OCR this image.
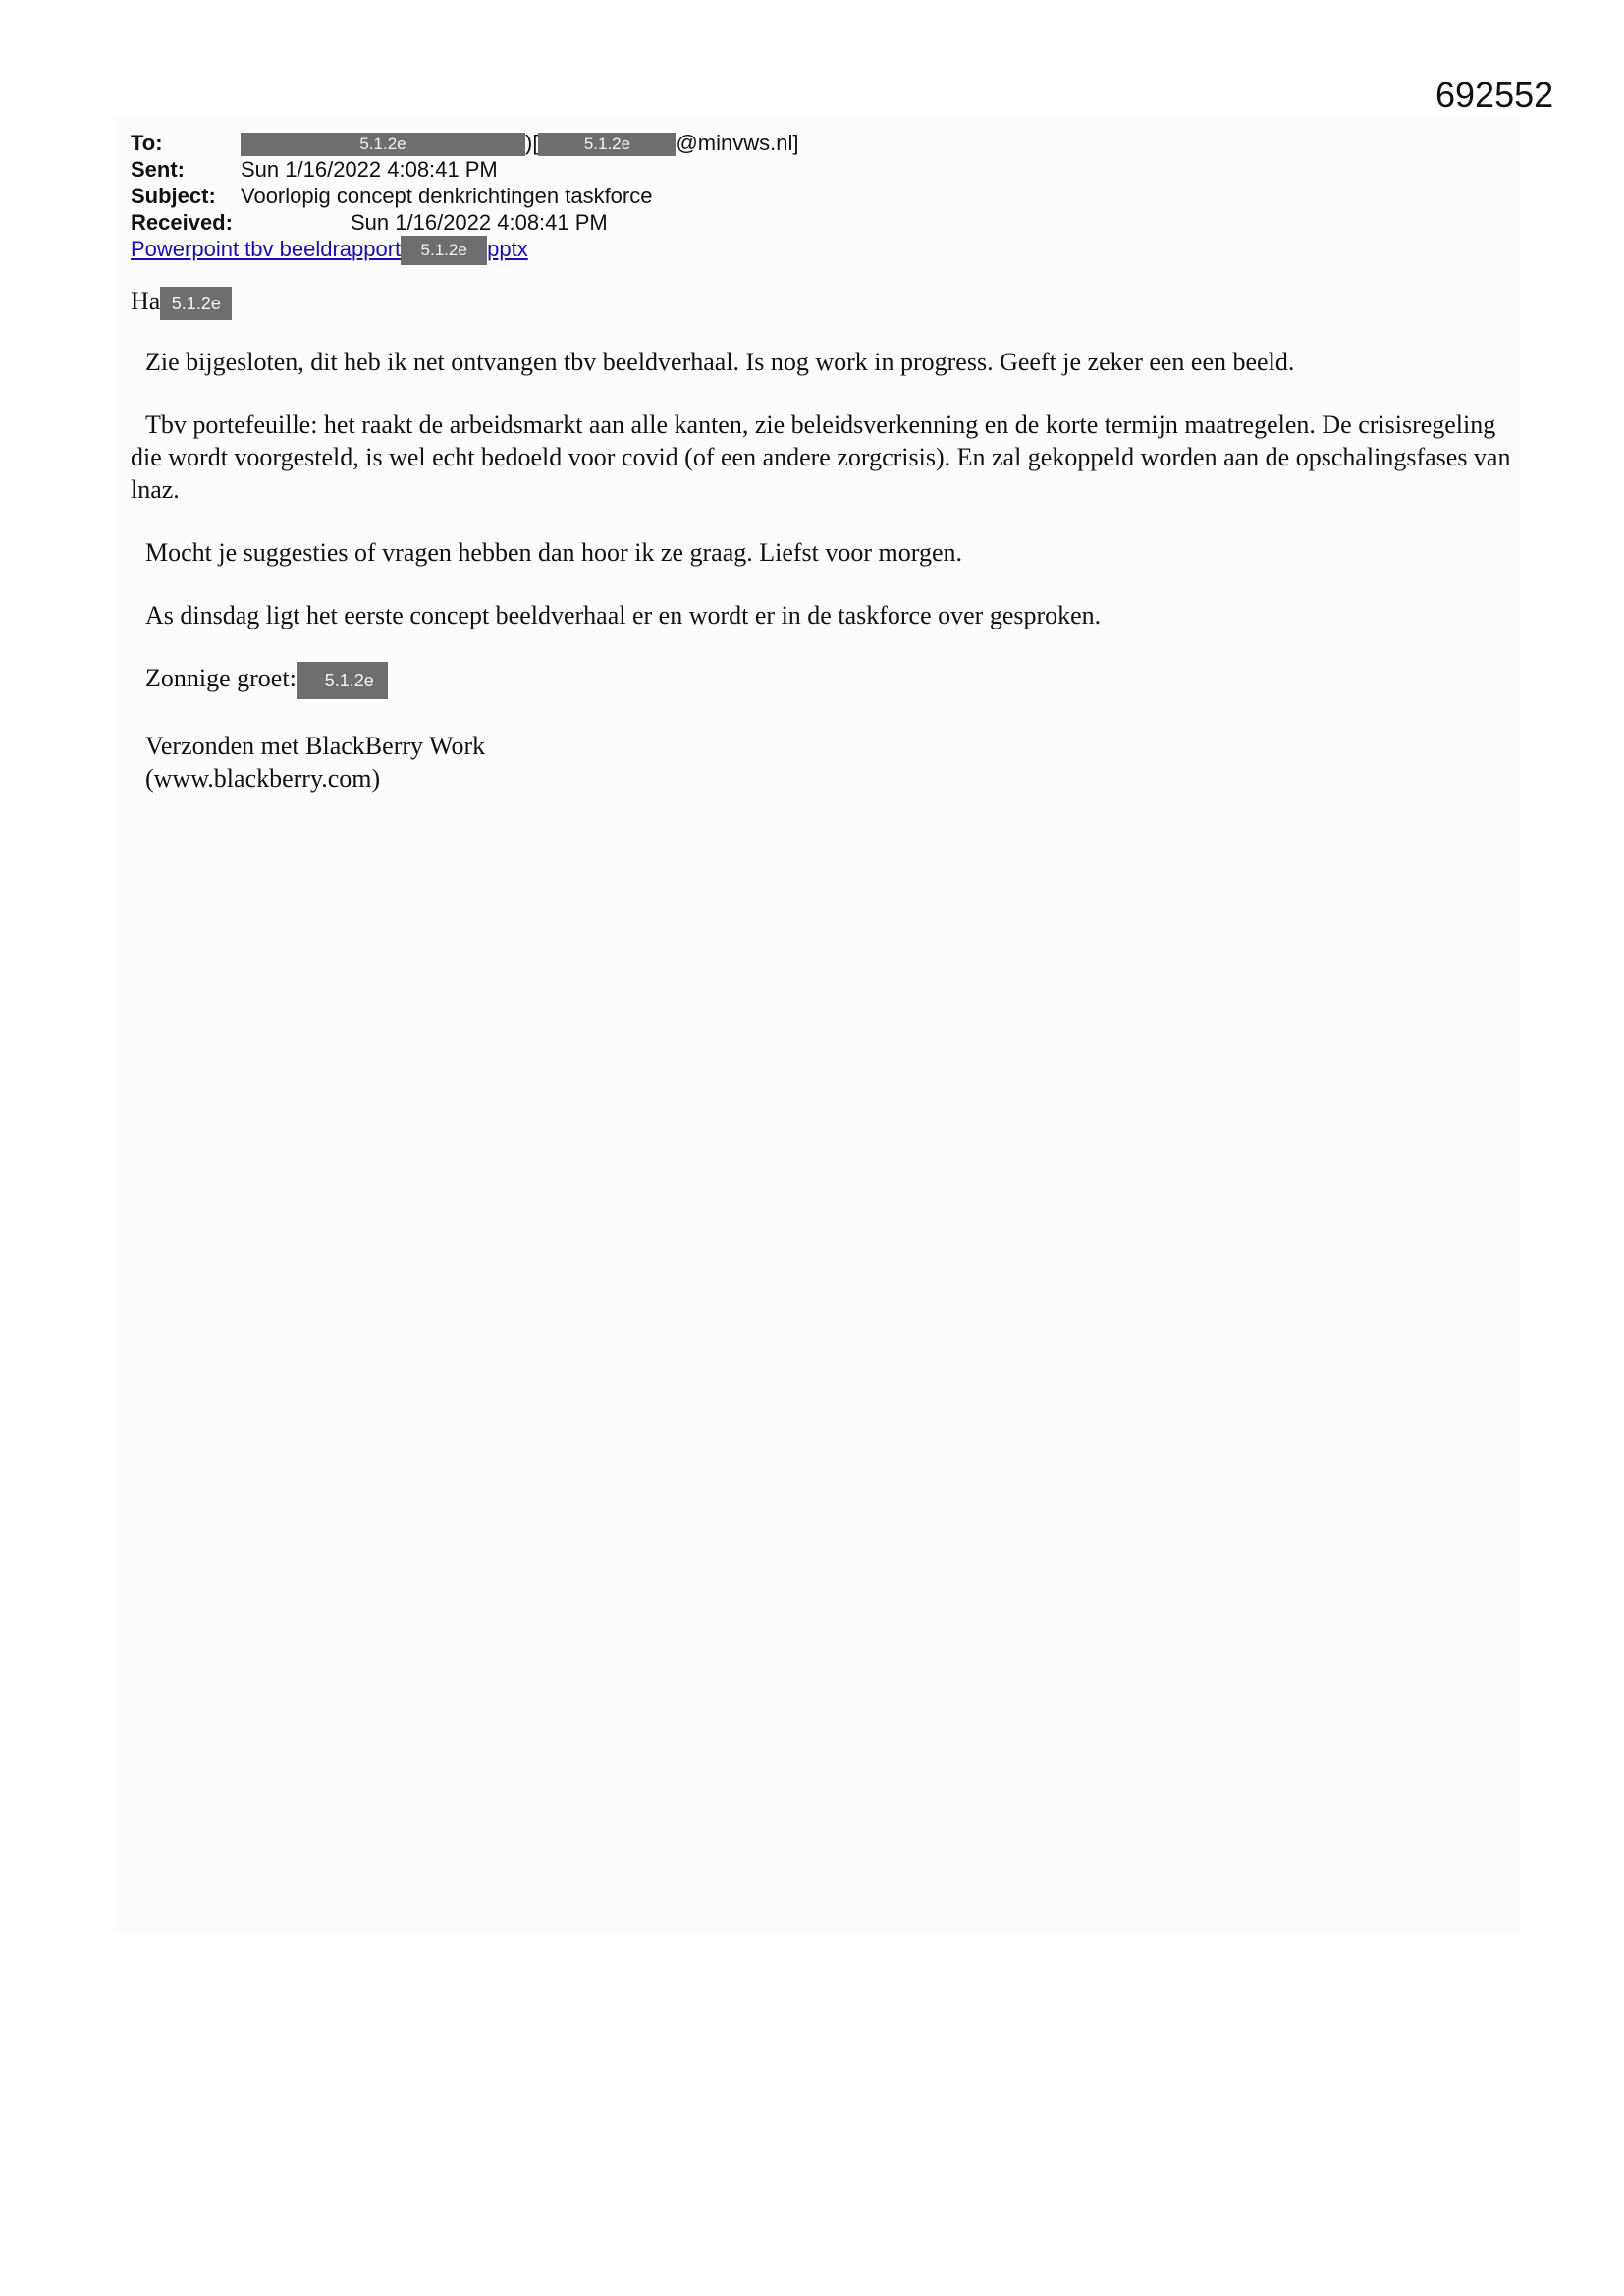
692552
To:	5.1.2e	)[	5.1.2e @minvws.nl]
Sent:	Sun 1/16/2022 4:08:41 PM
Subject: Voorlopig concept denkrichtingen taskforce
Received:	Sun 1/16/2022 4:08:41 PM
Powerpoint tbv beeldrapport 5.1.2e pptx

Ha 5.1.2e

Zie bijgesloten, dit heb ik net ontvangen tbv beeldverhaal. Is nog work in progress. Geeft je zeker een een beeld.

Tbv portefeuille: het raakt de arbeidsmarkt aan alle kanten, zie beleidsverkenning en de korte termijn maatregelen. De crisisregeling die wordt voorgesteld, is wel echt bedoeld voor covid (of een andere zorgcrisis). En zal gekoppeld worden aan de opschalingsfases van lnaz.

Mocht je suggesties of vragen hebben dan hoor ik ze graag. Liefst voor morgen.

As dinsdag ligt het eerste concept beeldverhaal er en wordt er in de taskforce over gesproken.

Zonnige groet: 5.1.2e

Verzonden met BlackBerry Work
(www.blackberry.com)
